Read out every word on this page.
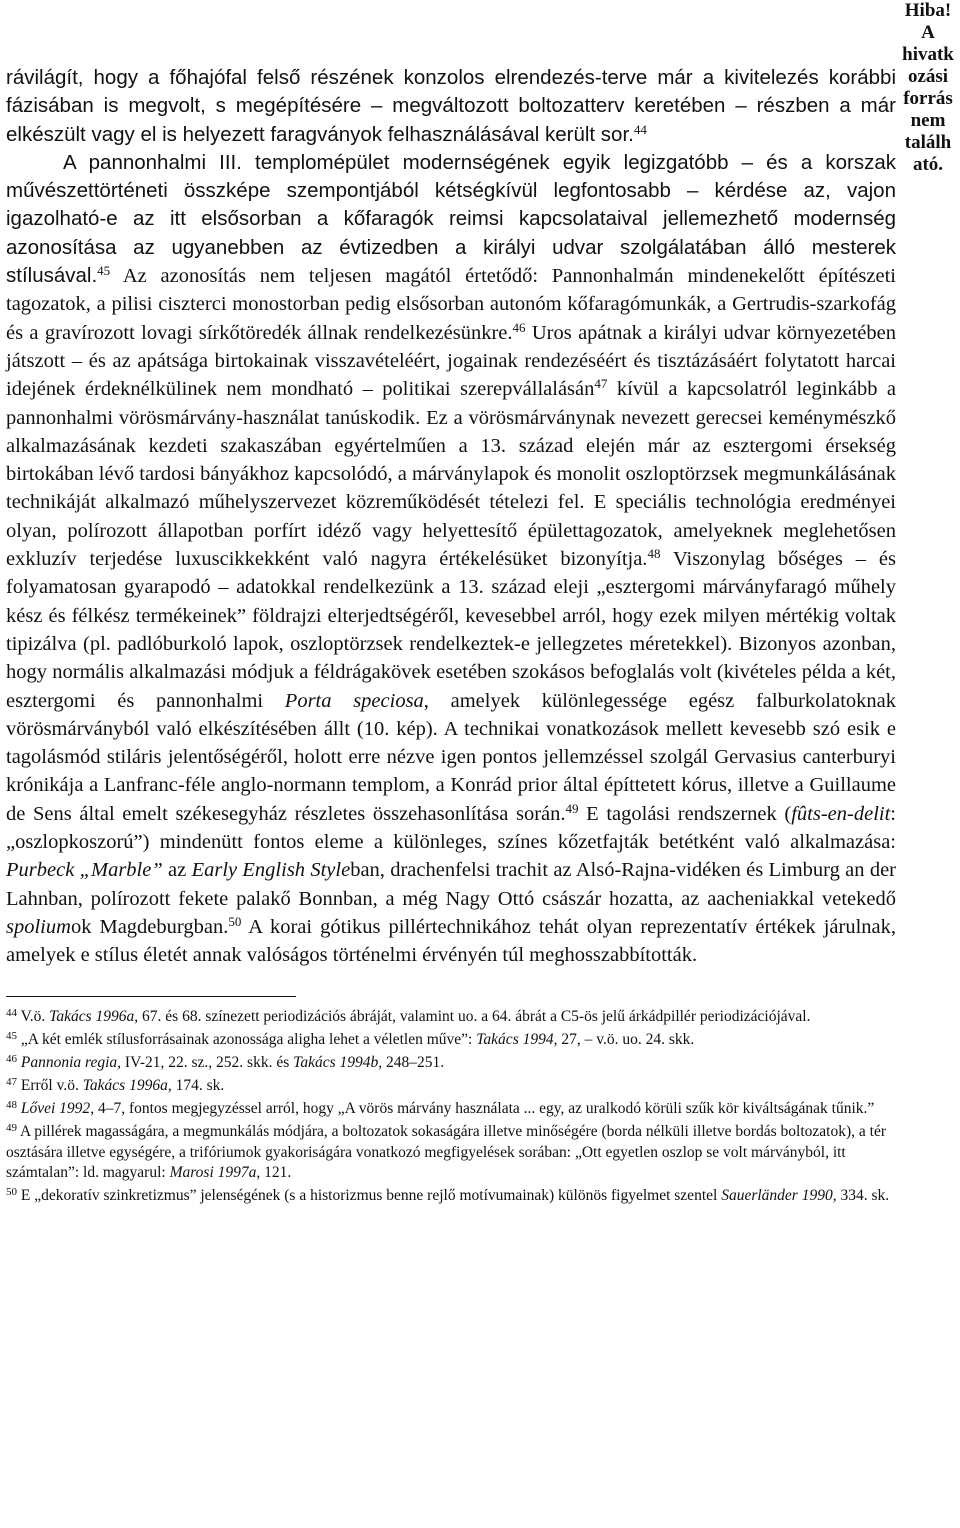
Hiba!
A
hivatk
ozási
forrás
nem
találh
ató.

rávilágít, hogy a főhajófal felső részének konzolos elrendezés-terve már a kivitelezés korábbi fázisában is megvolt, s megépítésére – megváltozott boltozatterv keretében – részben a már elkészült vagy el is helyezett faragványok felhasználásával került sor.$^{44}$

A pannonhalmi III. templomépület modernségének egyik legizgatóbb – és a korszak művészettörténeti összképe szempontjából kétségkívül legfontosabb – kérdése az, vajon igazolható-e az itt elsősorban a kőfaragók reimsi kapcsolataival jellemezhető modernség azonosítása az ugyanebben az évtizedben a királyi udvar szolgálatában álló mesterek stílusával.$^{45}$ Az azonosítás nem teljesen magától értetődő: Pannonhalmán mindenekelőtt építészeti tagozatok, a pilisi ciszterci monostorban pedig elsősorban autonóm kőfaragómunkák, a Gertrudis-szarkofág és a gravírozott lovagi sírkőtöredék állnak rendelkezésünkre.$^{46}$ Uros apátnak a királyi udvar környezetében játszott – és az apátsága birtokainak visszavételéért, jogainak rendezéséért és tisztázásáért folytatott harcai idejének érdeknélkülinek nem mondható – politikai szerepvállalásán$^{47}$ kívül a kapcsolatról leginkább a pannonhalmi vörösmárvány-használat tanúskodik. Ez a vörösmárványnak nevezett gerecsei keménymészkő alkalmazásának kezdeti szakaszában egyértelműen a 13. század elején már az esztergomi érsekség birtokában lévő tardosi bányákhoz kapcsolódó, a márványlapok és monolit oszloptörzsek megmunkálásának technikáját alkalmazó műhelyszervezet közreműködését tételezi fel. E speciális technológia eredményei olyan, polírozott állapotban porfírt idéző vagy helyettesítő épülettagozatok, amelyeknek meglehetősen exkluzív terjedése luxuscikkekként való nagyra értékelésüket bizonyítja.$^{48}$ Viszonylag bőséges – és folyamatosan gyarapodó – adatokkal rendelkezünk a 13. század eleji „esztergomi márványfaragó műhely kész és félkész termékeinek” földrajzi elterjedtségéről, kevesebbel arról, hogy ezek milyen mértékig voltak tipizálva (pl. padlóburkoló lapok, oszloptörzsek rendelkeztek-e jellegzetes méretekkel). Bizonyos azonban, hogy normális alkalmazási módjuk a féldrágakövek esetében szokásos befoglalás volt (kivételes példa a két, esztergomi és pannonhalmi Porta speciosa, amelyek különlegessége egész falburkolatoknak vörösmárványból való elkészítésében állt (10. kép). A technikai vonatkozások mellett kevesebb szó esik e tagolásmód stiláris jelentőségéről, holott erre nézve igen pontos jellemzéssel szolgál Gervasius canterburyi krónikája a Lanfranc-féle anglo-normann templom, a Konrád prior által építtetett kórus, illetve a Guillaume de Sens által emelt székesegyház részletes összehasonlítása során.$^{49}$ E tagolási rendszernek (fûts-en-delit: „oszlopkoszorú”) mindenütt fontos eleme a különleges, színes kőzetfajták betétként való alkalmazása: Purbeck „Marble” az Early English Styleban, drachenfelsi trachit az Alsó-Rajna-vidéken és Limburg an der Lahnban, polírozott fekete palakő Bonnban, a még Nagy Ottó császár hozatta, az aacheniakkal vetekedő spoliumok Magdeburgban.$^{50}$ A korai gótikus pillértechnikához tehát olyan reprezentatív értékek járulnak, amelyek e stílus életét annak valóságos történelmi érvényén túl meghosszabbították.

$^{44}$ V.ö. Takács 1996a, 67. és 68. színezett periodizációs ábráját, valamint uo. a 64. ábrát a C5-ös jelű árkádpillér periodizációjával.

$^{45}$ „A két emlék stílusforrásainak azonossága aligha lehet a véletlen műve”: Takács 1994, 27, – v.ö. uo. 24. skk.

$^{46}$ Pannonia regia, IV-21, 22. sz., 252. skk. és Takács 1994b, 248–251.

$^{47}$ Erről v.ö. Takács 1996a, 174. sk.

$^{48}$ Lővei 1992, 4–7, fontos megjegyzéssel arról, hogy „A vörös márvány használata ... egy, az uralkodó körüli szűk kör kiváltságának tűnik.”

$^{49}$ A pillérek magasságára, a megmunkálás módjára, a boltozatok sokaságára illetve minőségére (borda nélküli illetve bordás boltozatok), a tér osztására illetve egységére, a trifóriumok gyakoriságára vonatkozó megfigyelések sorában: „Ott egyetlen oszlop se volt márványból, itt számtalan”: ld. magyarul: Marosi 1997a, 121.

$^{50}$ E „dekoratív szinkretizmus” jelenségének (s a historizmus benne rejlő motívumainak) különös figyelmet szentel Sauerländer 1990, 334. sk.
